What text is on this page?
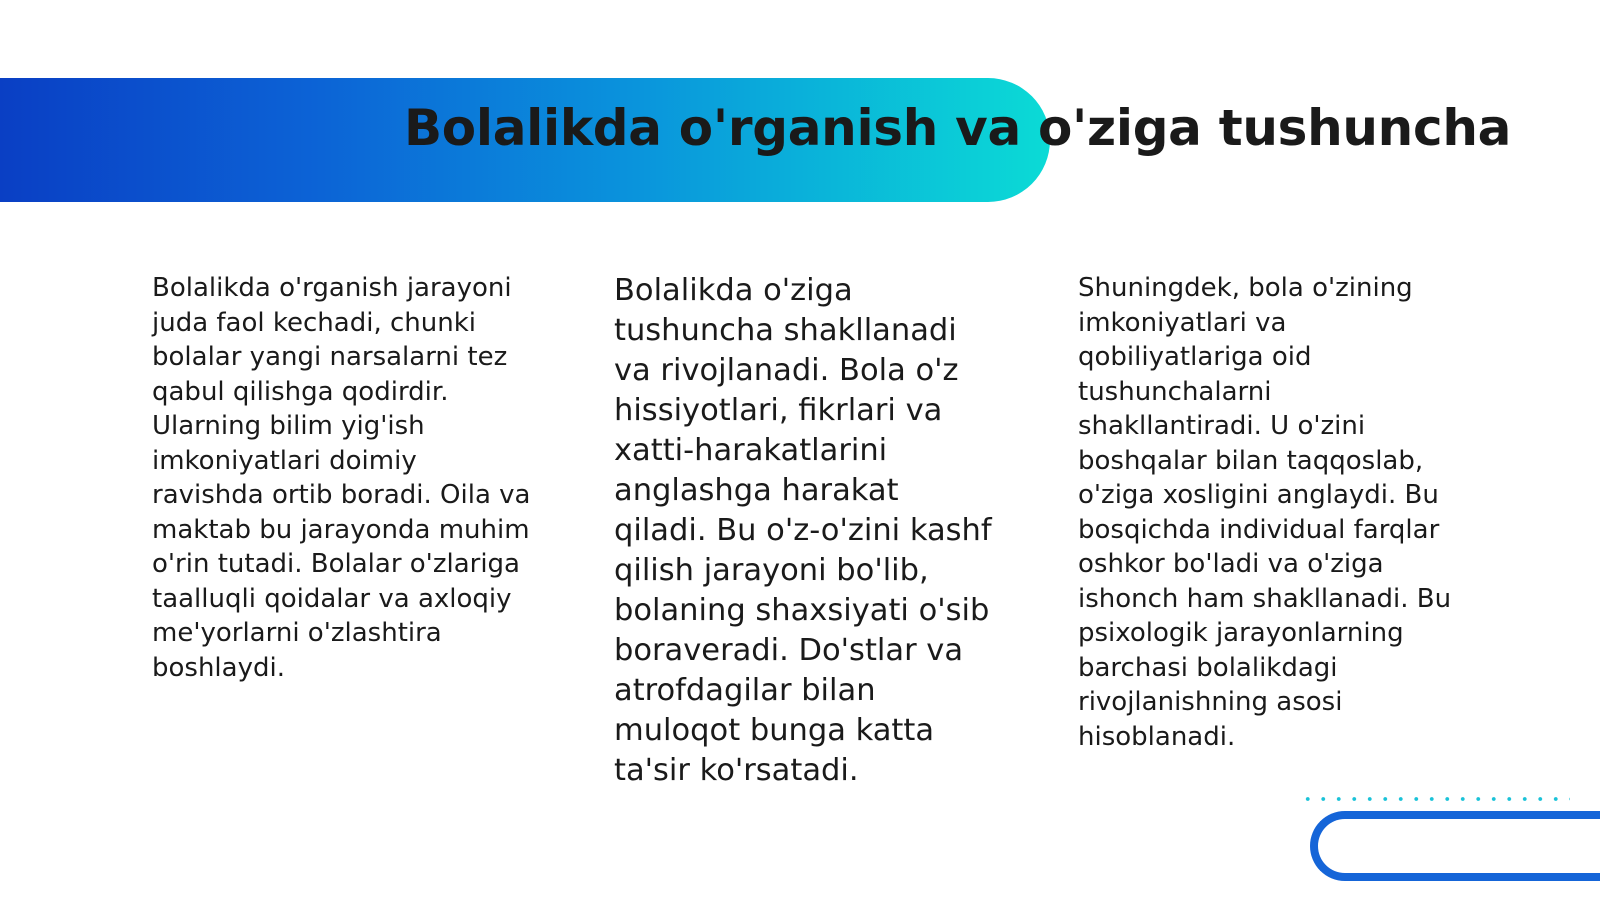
Bolalikda o'rganish va o'ziga tushuncha

Bolalikda o'rganish jarayoni juda faol kechadi, chunki bolalar yangi narsalarni tez qabul qilishga qodirdir. Ularning bilim yig'ish imkoniyatlari doimiy ravishda ortib boradi. Oila va maktab bu jarayonda muhim o'rin tutadi. Bolalar o'zlariga taalluqli qoidalar va axloqiy me'yorlarni o'zlashtira boshlaydi.

Bolalikda o'ziga tushuncha shakllanadi va rivojlanadi. Bola o'z hissiyotlari, fikrlari va xatti-harakatlarini anglashga harakat qiladi. Bu o'z-o'zini kashf qilish jarayoni bo'lib, bolaning shaxsiyati o'sib boraveradi. Do'stlar va atrofdagilar bilan muloqot bunga katta ta'sir ko'rsatadi.

Shuningdek, bola o'zining imkoniyatlari va qobiliyatlariga oid tushunchalarni shakllantiradi. U o'zini boshqalar bilan taqqoslab, o'ziga xosligini anglaydi. Bu bosqichda individual farqlar oshkor bo'ladi va o'ziga ishonch ham shakllanadi. Bu psixologik jarayonlarning barchasi bolalikdagi rivojlanishning asosi hisoblanadi.
